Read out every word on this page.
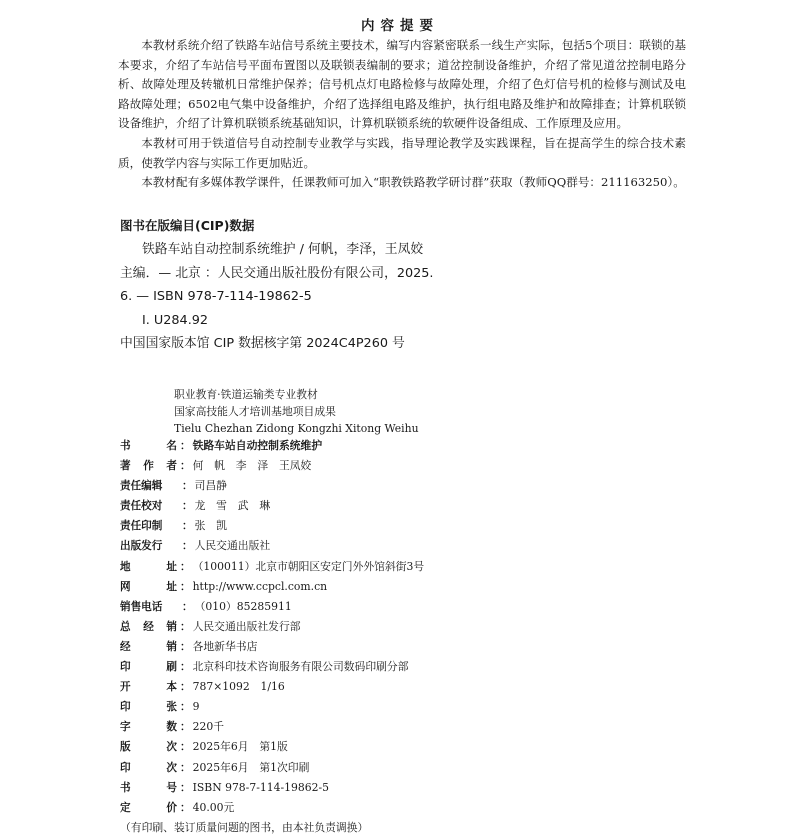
内容提要

本教材系统介绍了铁路车站信号系统主要技术，编写内容紧密联系一线生产实际，包括5个项目：联锁的基本要求，介绍了车站信号平面布置图以及联锁表编制的要求；道岔控制设备维护，介绍了常见道岔控制电路分析、故障处理及转辙机日常维护保养；信号机点灯电路检修与故障处理，介绍了色灯信号机的检修与测试及电路故障处理；6502电气集中设备维护，介绍了选择组电路及维护，执行组电路及维护和故障排查；计算机联锁设备维护，介绍了计算机联锁系统基础知识，计算机联锁系统的软硬件设备组成、工作原理及应用。

本教材可用于铁道信号自动控制专业教学与实践，指导理论教学及实践课程，旨在提高学生的综合技术素质，使教学内容与实际工作更加贴近。

本教材配有多媒体教学课件，任课教师可加入“职教铁路教学研讨群”获取（教师QQ群号：211163250）。

图书在版编目(CIP)数据
铁路车站自动控制系统维护 / 何帆，李泽，王凤姣
主编．— 北京 ：人民交通出版社股份有限公司，2025.
6. — ISBN 978-7-114-19862-5
Ⅰ. U284.92
中国国家版本馆 CIP 数据核字第 2024C4P260 号
职业教育·铁道运输类专业教材
国家高技能人才培训基地项目成果
Tielu Chezhan Zidong Kongzhi Xitong Weihu
书名 ： 铁路车站自动控制系统维护
著作者 ： 何　帆　李　泽　王凤姣
责任编辑	： 司昌静
责任校对	： 龙　雪　武　琳
责任印制	： 张　凯
出版发行	： 人民交通出版社
地址 ： （100011）北京市朝阳区安定门外外馆斜街3号
网址 ： http://www.ccpcl.com.cn
销售电话	： （010）85285911
总经销 ： 人民交通出版社发行部
经销 ： 各地新华书店
印刷 ： 北京科印技术咨询服务有限公司数码印刷分部
开本 ： 787×1092　1/16
印张 ： 9
字数 ： 220千
版次 ： 2025年6月　第1版
印次 ： 2025年6月　第1次印刷
书号 ： ISBN 978-7-114-19862-5
定价 ： 40.00元
（有印刷、装订质量问题的图书，由本社负责调换）
